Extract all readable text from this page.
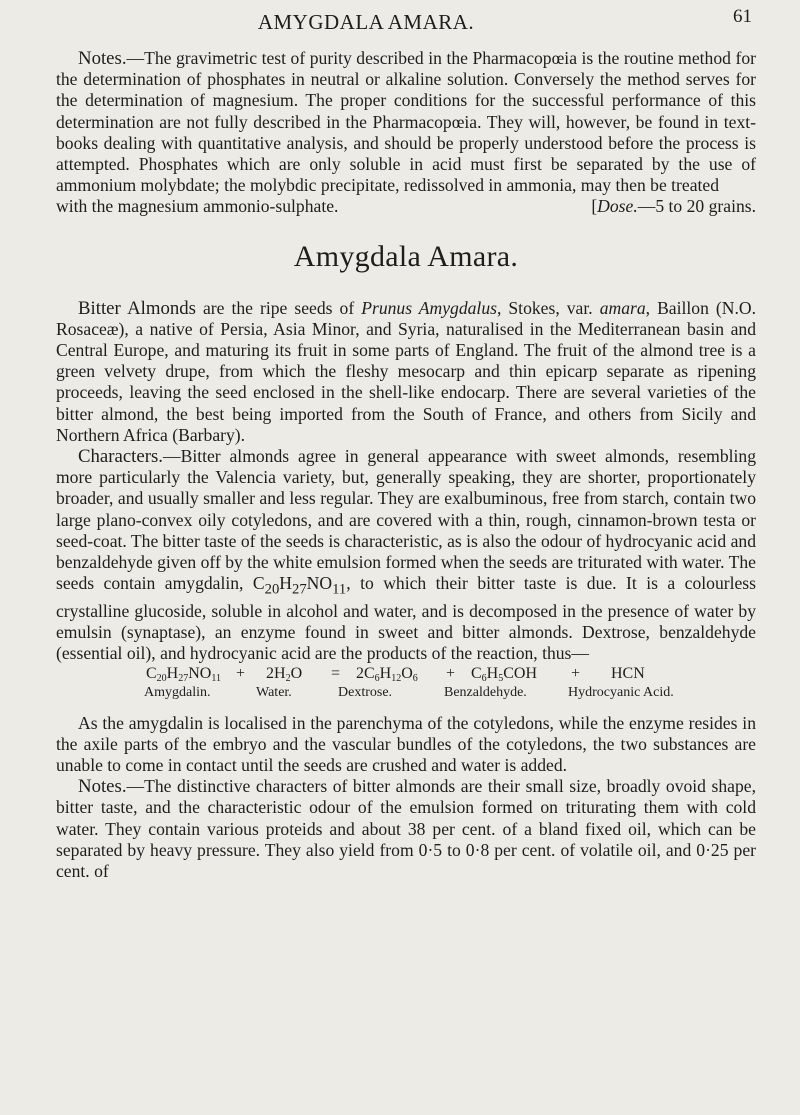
AMYGDALA AMARA.	61

Notes.—The gravimetric test of purity described in the Pharmacopœia is the routine method for the determination of phosphates in neutral or alkaline solution. Conversely the method serves for the determination of magnesium. The proper conditions for the successful performance of this determination are not fully described in the Pharmacopœia. They will, however, be found in text-books dealing with quantitative analysis, and should be properly understood before the process is attempted. Phosphates which are only soluble in acid must first be separated by the use of ammonium molybdate; the molybdic precipitate, redissolved in ammonia, may then be treated

with the magnesium ammonio-sulphate.	[Dose.—5 to 20 grains.
Amygdala Amara.

Bitter Almonds are the ripe seeds of Prunus Amygdalus, Stokes, var. amara, Baillon (N.O. Rosaceæ), a native of Persia, Asia Minor, and Syria, naturalised in the Mediterranean basin and Central Europe, and maturing its fruit in some parts of England. The fruit of the almond tree is a green velvety drupe, from which the fleshy mesocarp and thin epicarp separate as ripening proceeds, leaving the seed enclosed in the shell-like endocarp. There are several varieties of the bitter almond, the best being imported from the South of France, and others from Sicily and Northern Africa (Barbary).

Characters.—Bitter almonds agree in general appearance with sweet almonds, resembling more particularly the Valencia variety, but, generally speaking, they are shorter, proportionately broader, and usually smaller and less regular. They are exalbuminous, free from starch, contain two large plano-convex oily cotyledons, and are covered with a thin, rough, cinnamon-brown testa or seed-coat. The bitter taste of the seeds is characteristic, as is also the odour of hydrocyanic acid and benzaldehyde given off by the white emulsion formed when the seeds are triturated with water. The seeds contain amygdalin, $C_{20}H_{27}NO_{11}$, to which their bitter taste is due. It is a colourless crystalline glucoside, soluble in alcohol and water, and is decomposed in the presence of water by emulsin (synaptase), an enzyme found in sweet and bitter almonds. Dextrose, benzaldehyde (essential oil), and hydrocyanic acid are the products of the reaction, thus—

$C_{20}H_{27}NO_{11} + 2H_2O = 2C_6H_{12}O_6 + C_6H_5COH$ + HCN
Amygdalin.	Water.	Dextrose.	Benzaldehyde.	Hydrocyanic Acid.

As the amygdalin is localised in the parenchyma of the cotyledons, while the enzyme resides in the axile parts of the embryo and the vascular bundles of the cotyledons, the two substances are unable to come in contact until the seeds are crushed and water is added.

Notes.—The distinctive characters of bitter almonds are their small size, broadly ovoid shape, bitter taste, and the characteristic odour of the emulsion formed on triturating them with cold water. They contain various proteids and about 38 per cent. of a bland fixed oil, which can be separated by heavy pressure. They also yield from 0·5 to 0·8 per cent. of volatile oil, and 0·25 per cent. of
